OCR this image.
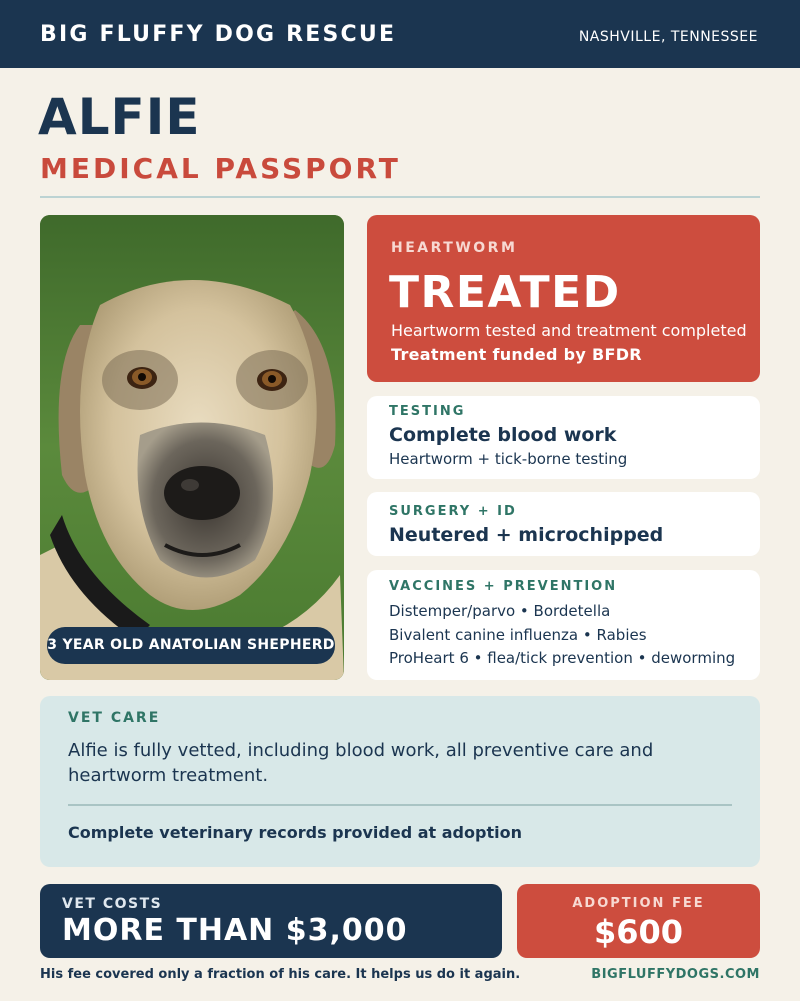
BIG FLUFFY DOG RESCUE	NASHVILLE, TENNESSEE
ALFIE
MEDICAL PASSPORT
3 YEAR OLD ANATOLIAN SHEPHERD
HEARTWORM
TREATED
Heartworm tested and treatment completed
Treatment funded by BFDR
TESTING
Complete blood work
Heartworm + tick-borne testing
SURGERY + ID
Neutered + microchipped
VACCINES + PREVENTION
Distemper/parvo • Bordetella
Bivalent canine influenza • Rabies
ProHeart 6 • flea/tick prevention • deworming
VET CARE
Alfie is fully vetted, including blood work, all preventive care and heartworm treatment.
Complete veterinary records provided at adoption
VET COSTS
MORE THAN $3,000
ADOPTION FEE
$600
His fee covered only a fraction of his care. It helps us do it again.	BIGFLUFFYDOGS.COM
